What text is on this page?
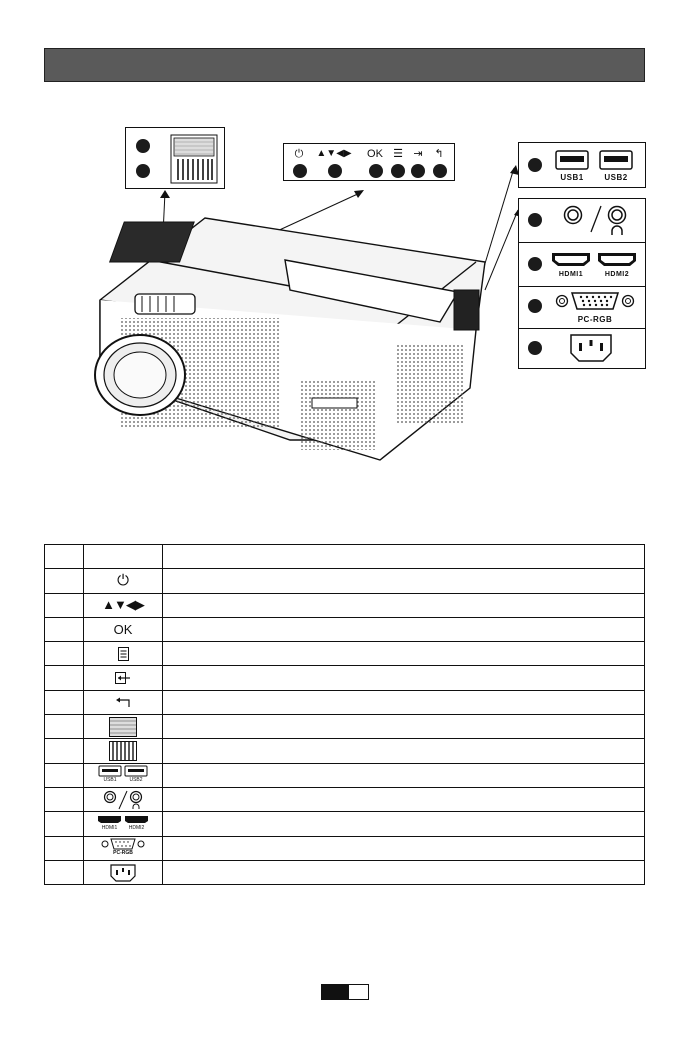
⏻	▲▼◀▶ OK ☰ ⇥	↰
USB1	USB2
HDMI1	HDMI2
PC-RGB

	⏻	
	▲▼◀▶	
	OK	

	USB1 USB2	

	HDMI1 HDMI2	

	PC-RGB	
